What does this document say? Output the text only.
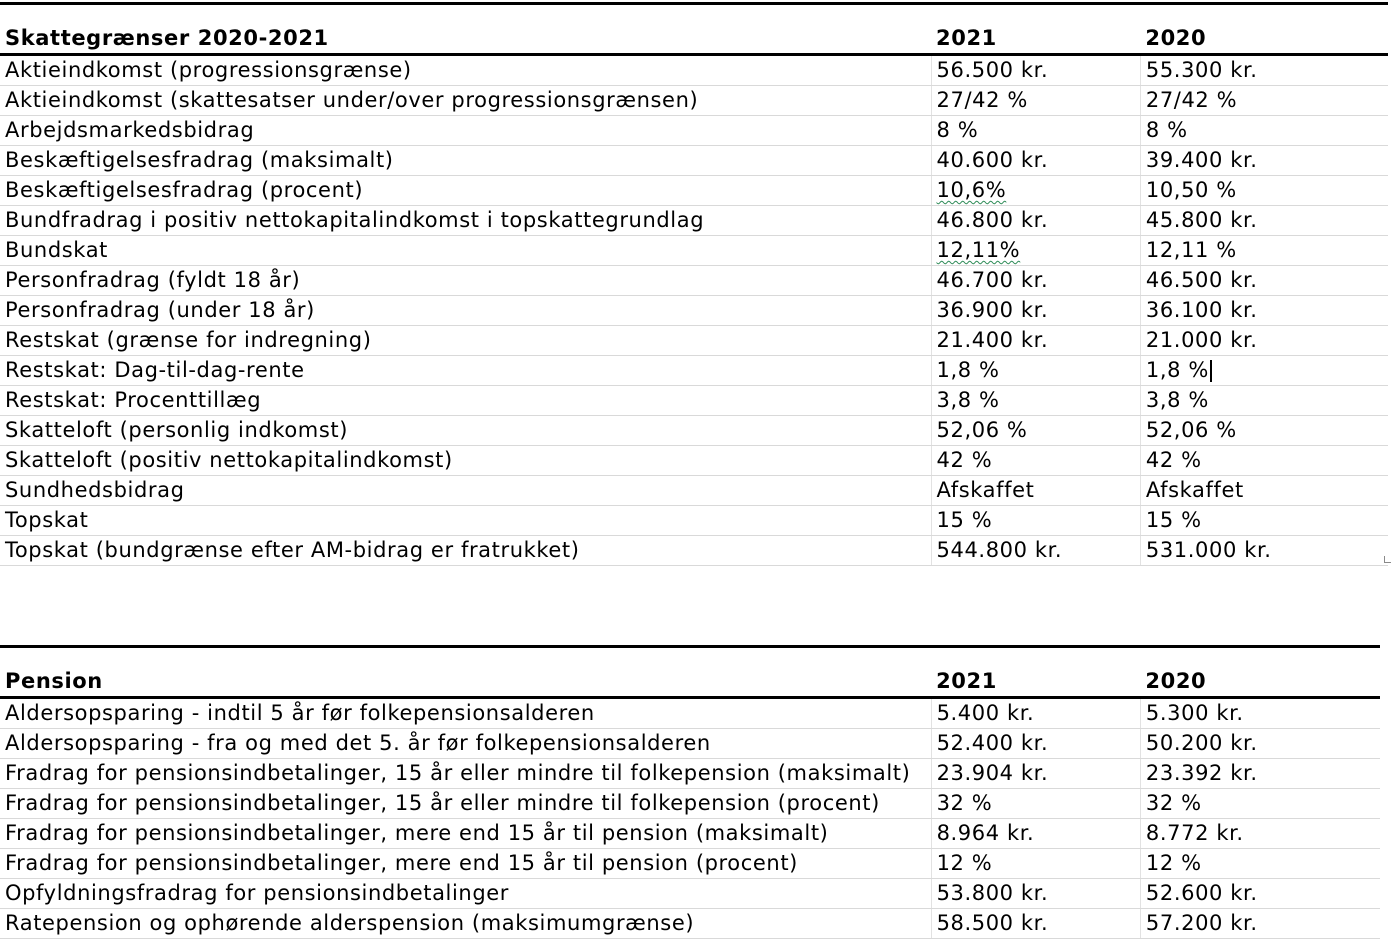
Skattegrænser 2020-2021	2021	2020
Aktieindkomst (progressionsgrænse)	56.500 kr.	55.300 kr.
Aktieindkomst (skattesatser under/over progressionsgrænsen)	27/42 %	27/42 %
Arbejdsmarkedsbidrag	8 %	8 %
Beskæftigelsesfradrag (maksimalt)	40.600 kr.	39.400 kr.
Beskæftigelsesfradrag (procent)	10,6%	10,50 %
Bundfradrag i positiv nettokapitalindkomst i topskattegrundlag	46.800 kr.	45.800 kr.
Bundskat	12,11%	12,11 %
Personfradrag (fyldt 18 år)	46.700 kr.	46.500 kr.
Personfradrag (under 18 år)	36.900 kr.	36.100 kr.
Restskat (grænse for indregning)	21.400 kr.	21.000 kr.
Restskat: Dag-til-dag-rente	1,8 %	1,8 %
Restskat: Procenttillæg	3,8 %	3,8 %
Skatteloft (personlig indkomst)	52,06 %	52,06 %
Skatteloft (positiv nettokapitalindkomst)	42 %	42 %
Sundhedsbidrag	Afskaffet	Afskaffet
Topskat	15 %	15 %
Topskat (bundgrænse efter AM-bidrag er fratrukket)	544.800 kr.	531.000 kr.
Pension	2021	2020
Aldersopsparing - indtil 5 år før folkepensionsalderen	5.400 kr.	5.300 kr.
Aldersopsparing - fra og med det 5. år før folkepensionsalderen	52.400 kr.	50.200 kr.
Fradrag for pensionsindbetalinger, 15 år eller mindre til folkepension (maksimalt)	23.904 kr.	23.392 kr.
Fradrag for pensionsindbetalinger, 15 år eller mindre til folkepension (procent)	32 %	32 %
Fradrag for pensionsindbetalinger, mere end 15 år til pension (maksimalt)	8.964 kr.	8.772 kr.
Fradrag for pensionsindbetalinger, mere end 15 år til pension (procent)	12 %	12 %
Opfyldningsfradrag for pensionsindbetalinger	53.800 kr.	52.600 kr.
Ratepension og ophørende alderspension (maksimumgrænse)	58.500 kr.	57.200 kr.
